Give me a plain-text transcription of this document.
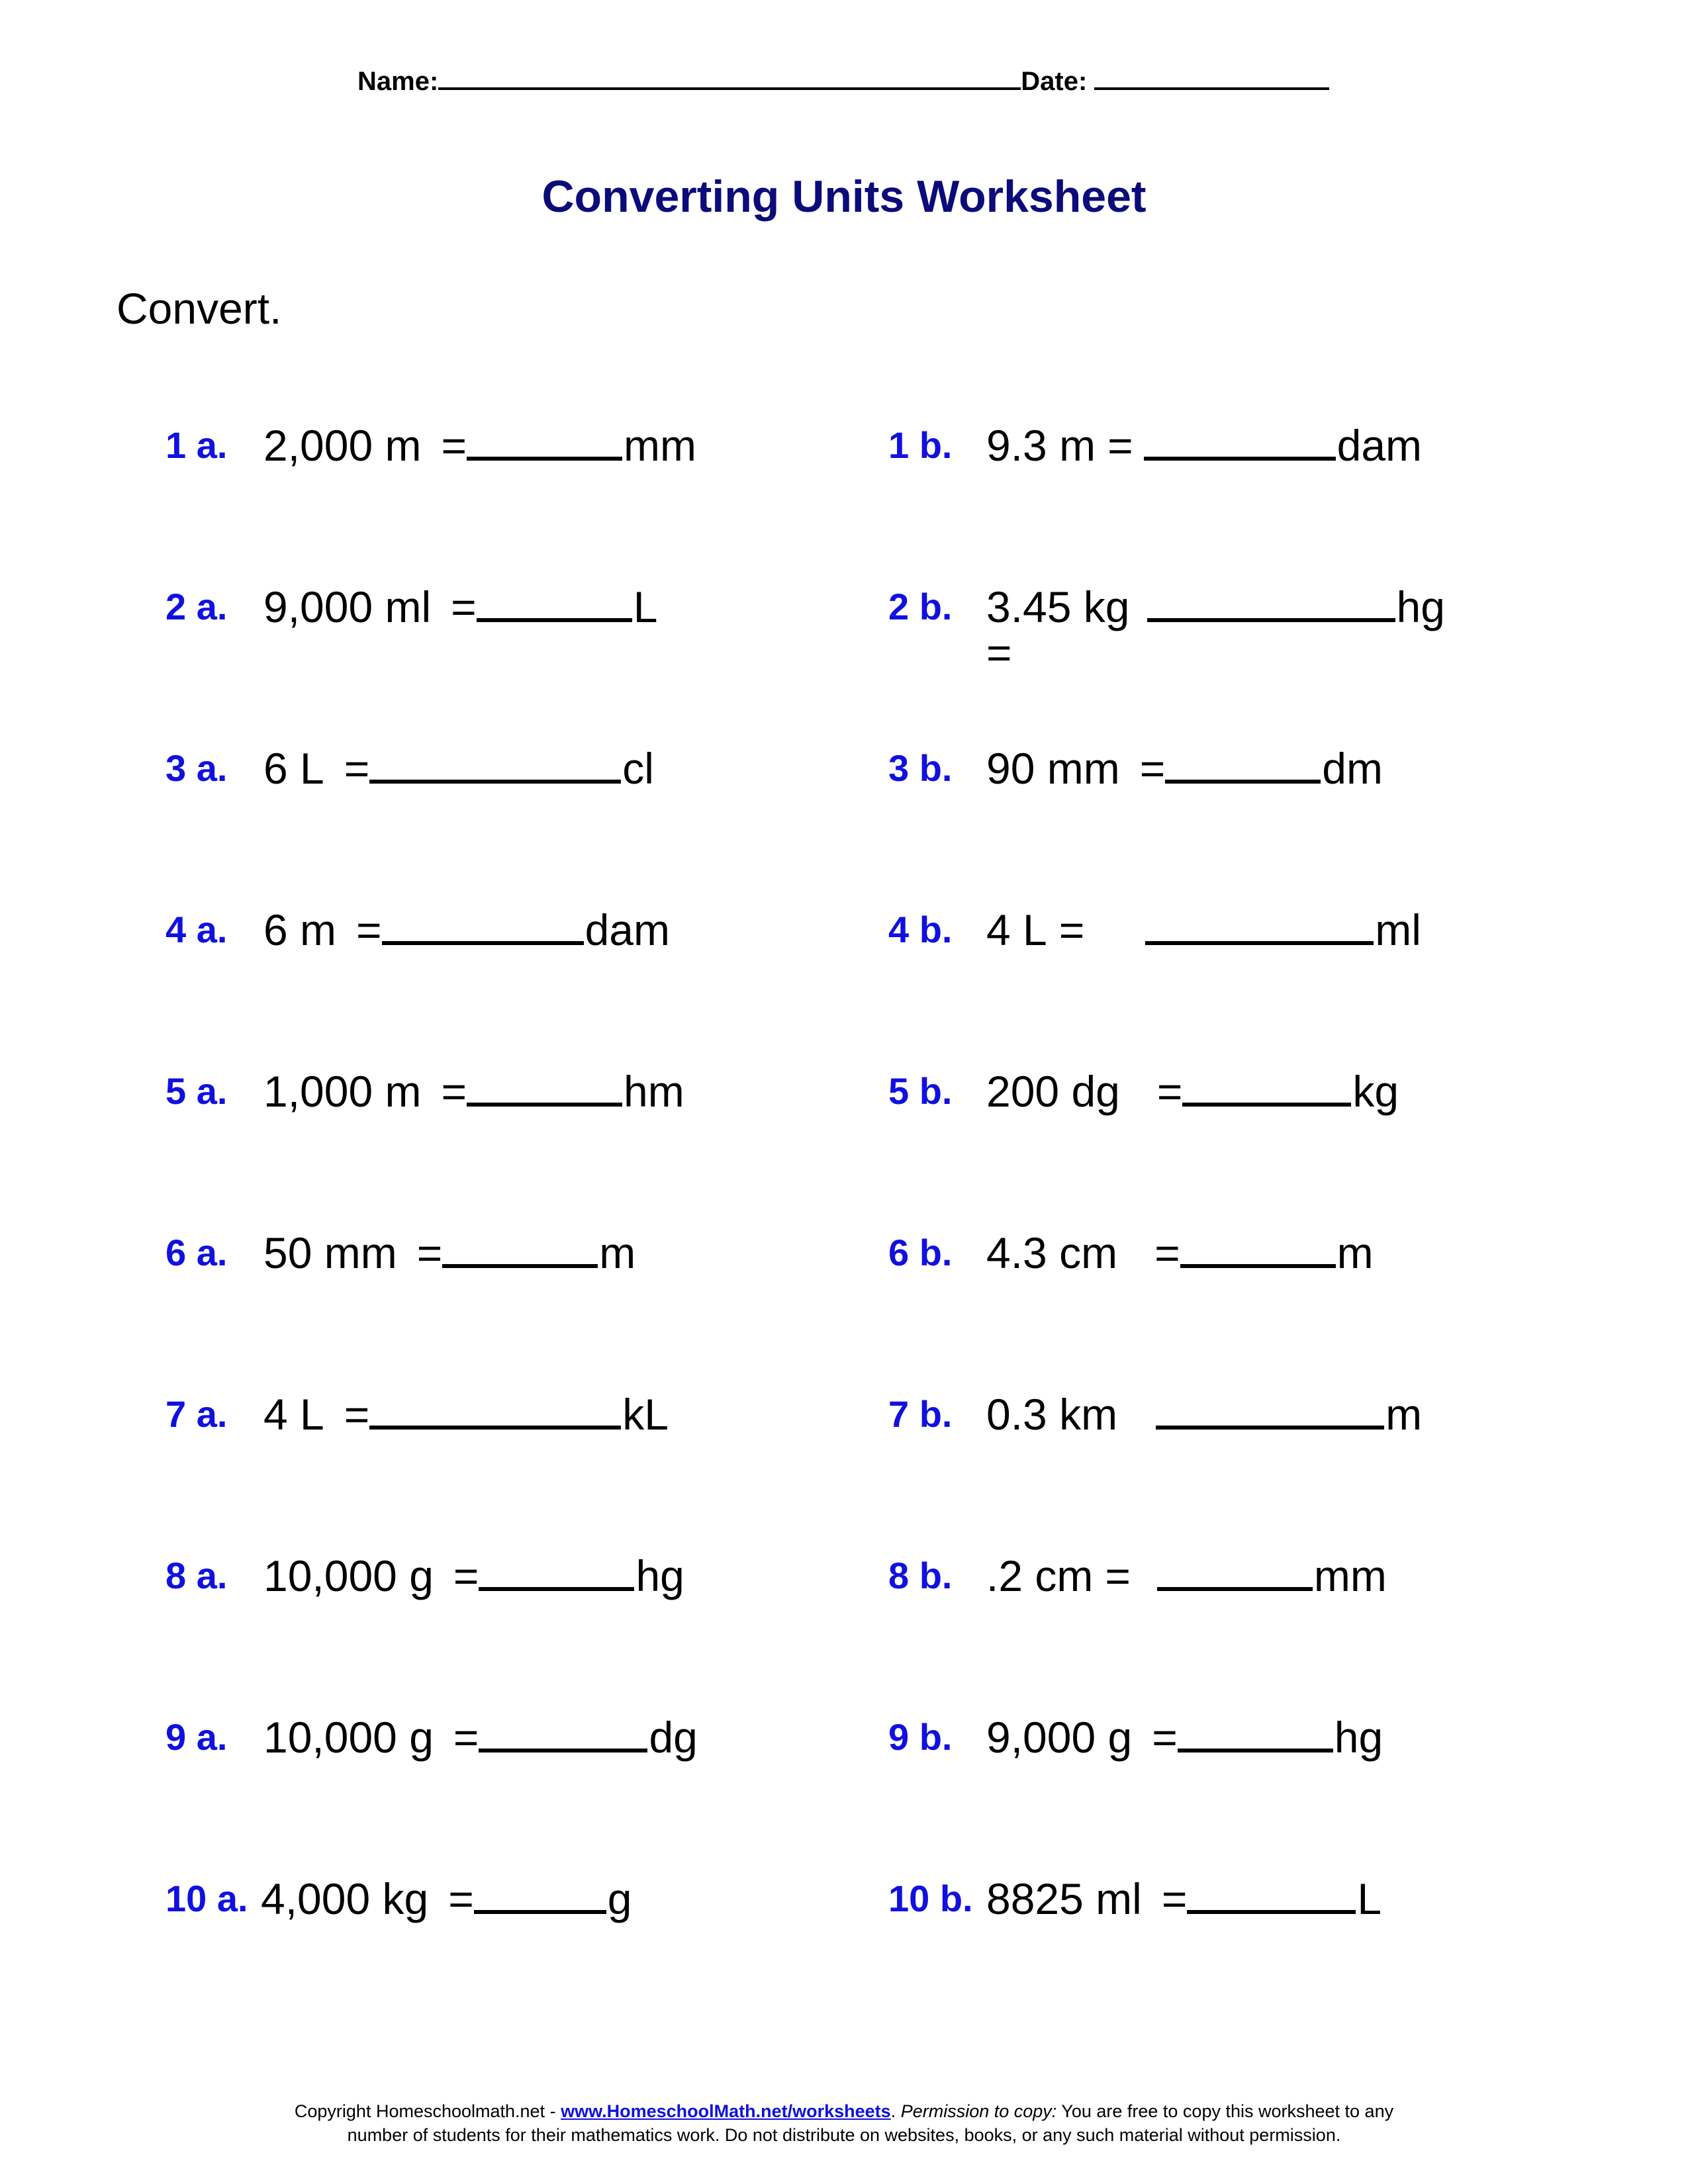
Name:	Date:
Converting Units Worksheet
Convert.
1 a. 2,000 m =	mm	1 b. 9.3 m =	dam
2 a. 9,000 ml =	L	2 b. 3.45 kg	hg
=
3 a. 6 L =	cl	3 b. 90 mm =	dm
4 a. 6 m =	dam	4 b. 4 L =	ml
5 a. 1,000 m =	hm	5 b. 200 dg =	kg
6 a. 50 mm =	m	6 b. 4.3 cm =	m
7 a. 4 L =	kL	7 b. 0.3 km	m
8 a. 10,000 g =	hg	8 b. .2 cm =	mm
9 a. 10,000 g =	dg	9 b. 9,000 g =	hg
10 a. 4,000 kg =	g	10 b. 8825 ml =	L
Copyright Homeschoolmath.net - www.HomeschoolMath.net/worksheets. Permission to copy: You are free to copy this worksheet to any
number of students for their mathematics work. Do not distribute on websites, books, or any such material without permission.
